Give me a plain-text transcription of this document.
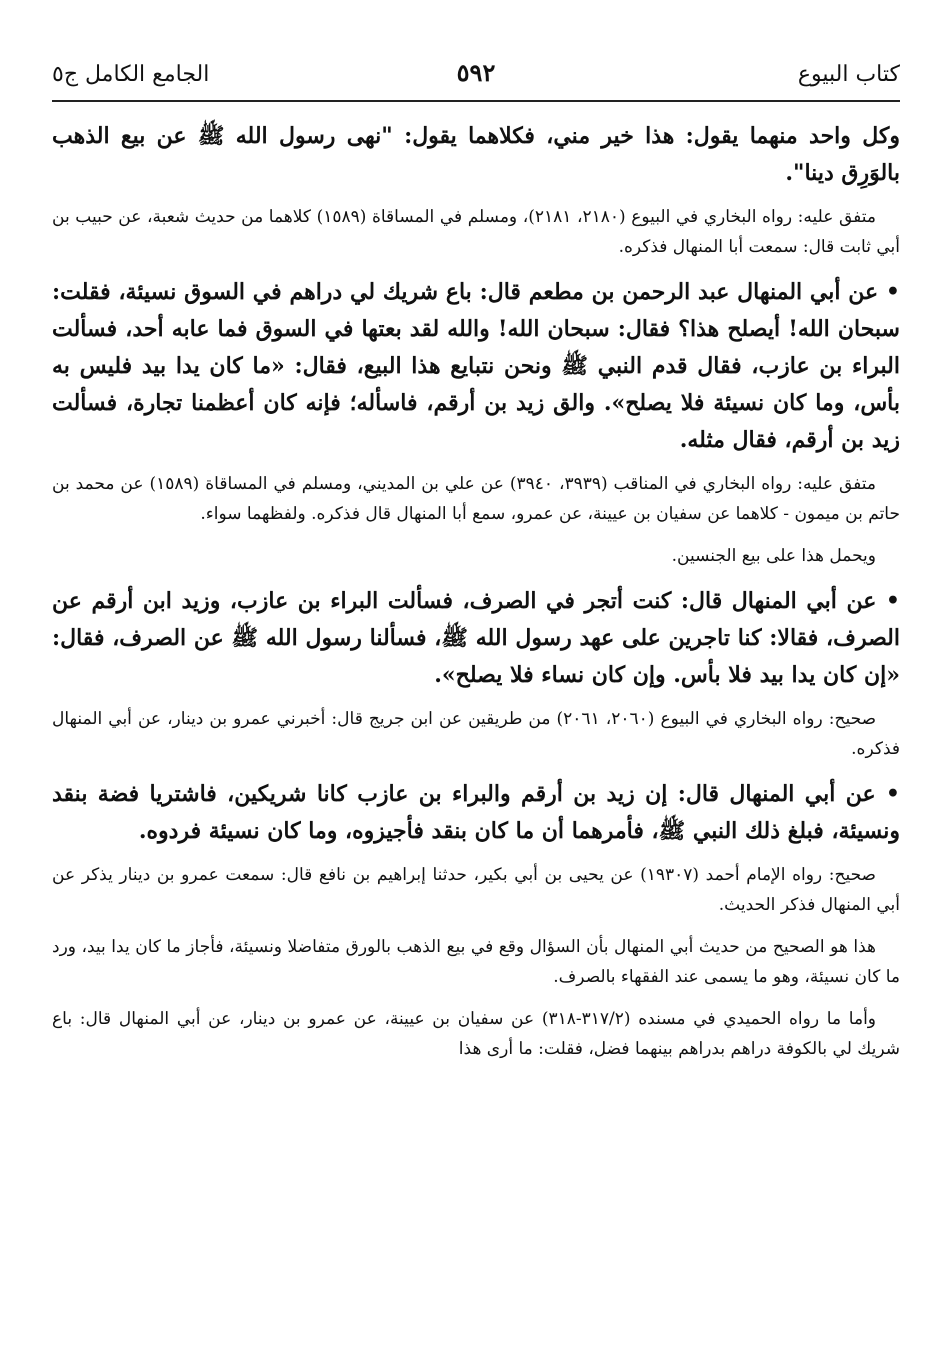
كتاب البيوع
٥٩٢
الجامع الكامل ج٥

وكل واحد منهما يقول: هذا خير مني، فكلاهما يقول: "نهى رسول الله ﷺ عن بيع الذهب بالوَرِق دينا".

متفق عليه: رواه البخاري في البيوع (٢١٨٠، ٢١٨١)، ومسلم في المساقاة (١٥٨٩) كلاهما من حديث شعبة، عن حبيب بن أبي ثابت قال: سمعت أبا المنهال فذكره.

• عن أبي المنهال عبد الرحمن بن مطعم قال: باع شريك لي دراهم في السوق نسيئة، فقلت: سبحان الله! أيصلح هذا؟ فقال: سبحان الله! والله لقد بعتها في السوق فما عابه أحد، فسألت البراء بن عازب، فقال قدم النبي ﷺ ونحن نتبايع هذا البيع، فقال: «ما كان يدا بيد فليس به بأس، وما كان نسيئة فلا يصلح». والق زيد بن أرقم، فاسأله؛ فإنه كان أعظمنا تجارة، فسألت زيد بن أرقم، فقال مثله.

متفق عليه: رواه البخاري في المناقب (٣٩٣٩، ٣٩٤٠) عن علي بن المديني، ومسلم في المساقاة (١٥٨٩) عن محمد بن حاتم بن ميمون - كلاهما عن سفيان بن عيينة، عن عمرو، سمع أبا المنهال قال فذكره. ولفظهما سواء.

ويحمل هذا على بيع الجنسين.

• عن أبي المنهال قال: كنت أتجر في الصرف، فسألت البراء بن عازب، وزيد ابن أرقم عن الصرف، فقالا: كنا تاجرين على عهد رسول الله ﷺ، فسألنا رسول الله ﷺ عن الصرف، فقال: «إن كان يدا بيد فلا بأس. وإن كان نساء فلا يصلح».

صحيح: رواه البخاري في البيوع (٢٠٦٠، ٢٠٦١) من طريقين عن ابن جريج قال: أخبرني عمرو بن دينار، عن أبي المنهال فذكره.

• عن أبي المنهال قال: إن زيد بن أرقم والبراء بن عازب كانا شريكين، فاشتريا فضة بنقد ونسيئة، فبلغ ذلك النبي ﷺ، فأمرهما أن ما كان بنقد فأجيزوه، وما كان نسيئة فردوه.

صحيح: رواه الإمام أحمد (١٩٣٠٧) عن يحيى بن أبي بكير، حدثنا إبراهيم بن نافع قال: سمعت عمرو بن دينار يذكر عن أبي المنهال فذكر الحديث.

هذا هو الصحيح من حديث أبي المنهال بأن السؤال وقع في بيع الذهب بالورق متفاضلا ونسيئة، فأجاز ما كان يدا بيد، ورد ما كان نسيئة، وهو ما يسمى عند الفقهاء بالصرف.

وأما ما رواه الحميدي في مسنده (٣١٧/٢-٣١٨) عن سفيان بن عيينة، عن عمرو بن دينار، عن أبي المنهال قال: باع شريك لي بالكوفة دراهم بدراهم بينهما فضل، فقلت: ما أرى هذا
